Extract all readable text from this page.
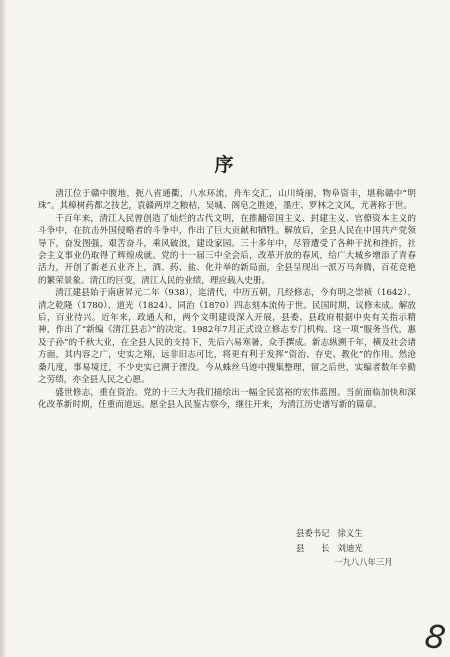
序

清江位于赣中腹地，扼八省通衢，八水环流，舟车交汇，山川绮丽，物阜资丰，堪称赣中“明珠”。其樟树药都之技艺，袁赣两岸之粮桔，吴城、阁皂之胜迹，墨庄、罗林之文风，尤著称于世。

千百年来，清江人民曾创造了灿烂的古代文明，在推翻帝国主义、封建主义、官僚资本主义的斗争中，在抗击外国侵略者的斗争中，作出了巨大贡献和牺牲。解放后，全县人民在中国共产党领导下，奋发图强，艰苦奋斗，乘风破浪，建设家园。三十多年中，尽管遭受了各种干扰和挫折，社会主义事业仍取得了辉煌成就。党的十一届三中全会后，改革开放的春风，给广大城乡增添了青春活力，开创了新老五业齐上，酒、药、盐、化并举的新局面，全县呈现出一派万马奔腾，百花竞艳的繁荣景象。清江的巨变，清江人民的业绩，理应载入史册。

清江建县始于南唐昇元二年（938），迄清代，中历五朝，几经修志，今有明之崇祯（1642）、清之乾隆（1780）、道光（1824）、同治（1870）四志刻本流传于世。民国时期，议修未成。解放后，百业待兴。近年来，政通人和，两个文明建设深入开展，县委、县政府根据中央有关指示精神，作出了“新编《清江县志》”的决定。1982年7月正式设立修志专门机构。这一项“服务当代，惠及子孙”的千秋大业，在全县人民的支持下，先后六易寒暑，众手撰成。新志纵溯千年，横及社会诸方面，其内容之广，史实之翔，远非旧志可比，将更有利于发挥“资治、存史、教化”的作用。然沧桑几度，事易境迁，不少史实已溯于湮没。今从蛛丝马迹中搜集整理，留之后世，实编者数年辛勤之劳绩，亦全县人民之心愿。

盛世修志，重在资治。党的十三大为我们描绘出一幅全民富裕的宏伟蓝图。当前面临加快和深化改革新时期，任重而道远。愿全县人民鉴古察今，继往开来，为清江历史谱写新的篇章。

县委书记 徐义生
县　　长 刘迪光
一九八八年三月
8
